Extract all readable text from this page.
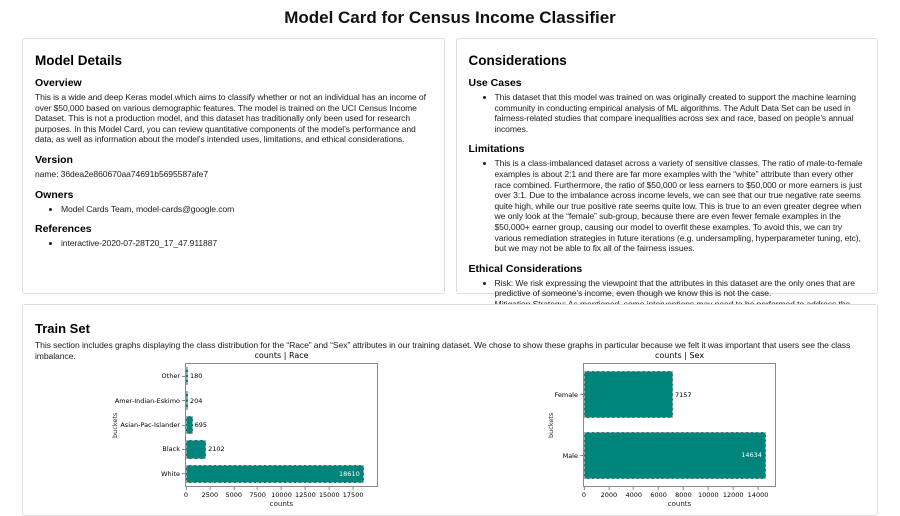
Model Card for Census Income Classifier
Model Details
Overview
This is a wide and deep Keras model which aims to classify whether or not an individual has an income of over $50,000 based on various demographic features. The model is trained on the UCI Census Income Dataset. This is not a production model, and this dataset has traditionally only been used for research purposes. In this Model Card, you can review quantitative components of the model’s performance and data, as well as information about the model’s intended uses, limitations, and ethical considerations.
Version
name: 36dea2e860670aa74691b5695587afe7
Owners
• Model Cards Team, model-cards@google.com
References
• interactive-2020-07-28T20_17_47.911887
Considerations
Use Cases
• This dataset that this model was trained on was originally created to support the machine learning community in conducting empirical analysis of ML algorithms. The Adult Data Set can be used in fairness-related studies that compare inequalities across sex and race, based on people’s annual incomes.
Limitations
• This is a class-imbalanced dataset across a variety of sensitive classes. The ratio of male-to-female examples is about 2:1 and there are far more examples with the “white” attribute than every other race combined. Furthermore, the ratio of $50,000 or less earners to $50,000 or more earners is just over 3:1. Due to the imbalance across income levels, we can see that our true negative rate seems quite high, while our true positive rate seems quite low. This is true to an even greater degree when we only look at the “female” sub-group, because there are even fewer female examples in the $50,000+ earner group, causing our model to overfit these examples. To avoid this, we can try various remediation strategies in future iterations (e.g. undersampling, hyperparameter tuning, etc), but we may not be able to fix all of the fairness issues.
Ethical Considerations
• Risk: We risk expressing the viewpoint that the attributes in this dataset are the only ones that are predictive of someone’s income, even though we know this is not the case.
Train Set
This section includes graphs displaying the class distribution for the “Race” and “Sex” attributes in our training dataset. We chose to show these graphs in particular because we felt it was important that users see the class imbalance.
buckets
Other
Amer-Indian-Eskimo
Asian-Pac-Islander
Black
White
counts | Race
180
204
695
2102
18610
0 2500 5000 7500 10000 12500 15000 17500
counts
buckets
Female
Male
counts | Sex
7157
14634
0 2000 4000 6000 8000 10000 12000 14000
counts
